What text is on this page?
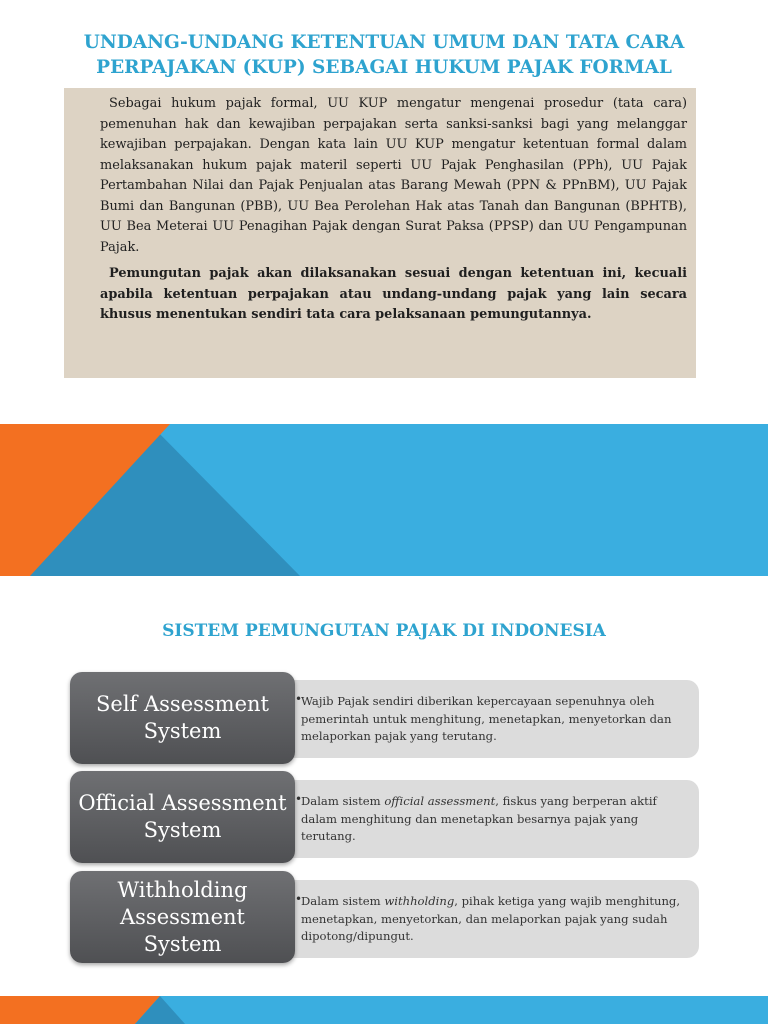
UNDANG-UNDANG KETENTUAN UMUM DAN TATA CARA
PERPAJAKAN (KUP) SEBAGAI HUKUM PAJAK FORMAL

Sebagai hukum pajak formal, UU KUP mengatur mengenai prosedur (tata cara) pemenuhan hak dan kewajiban perpajakan serta sanksi-sanksi bagi yang melanggar kewajiban perpajakan. Dengan kata lain UU KUP mengatur ketentuan formal dalam melaksanakan hukum pajak materil seperti UU Pajak Penghasilan (PPh), UU Pajak Pertambahan Nilai dan Pajak Penjualan atas Barang Mewah (PPN & PPnBM), UU Pajak Bumi dan Bangunan (PBB), UU Bea Perolehan Hak atas Tanah dan Bangunan (BPHTB), UU Bea Meterai UU Penagihan Pajak dengan Surat Paksa (PPSP) dan UU Pengampunan Pajak.

Pemungutan pajak akan dilaksanakan sesuai dengan ketentuan ini, kecuali apabila ketentuan perpajakan atau undang-undang pajak yang lain secara khusus menentukan sendiri tata cara pelaksanaan pemungutannya.

SISTEM PEMUNGUTAN PAJAK DI INDONESIA
Self Assessment System
•
Wajib Pajak sendiri diberikan kepercayaan sepenuhnya oleh pemerintah untuk menghitung, menetapkan, menyetorkan dan melaporkan pajak yang terutang.
Official Assessment System
•
Dalam sistem official assessment, fiskus yang berperan aktif dalam menghitung dan menetapkan besarnya pajak yang terutang.
Withholding Assessment System
•
Dalam sistem withholding, pihak ketiga yang wajib menghitung, menetapkan, menyetorkan, dan melaporkan pajak yang sudah dipotong/dipungut.
